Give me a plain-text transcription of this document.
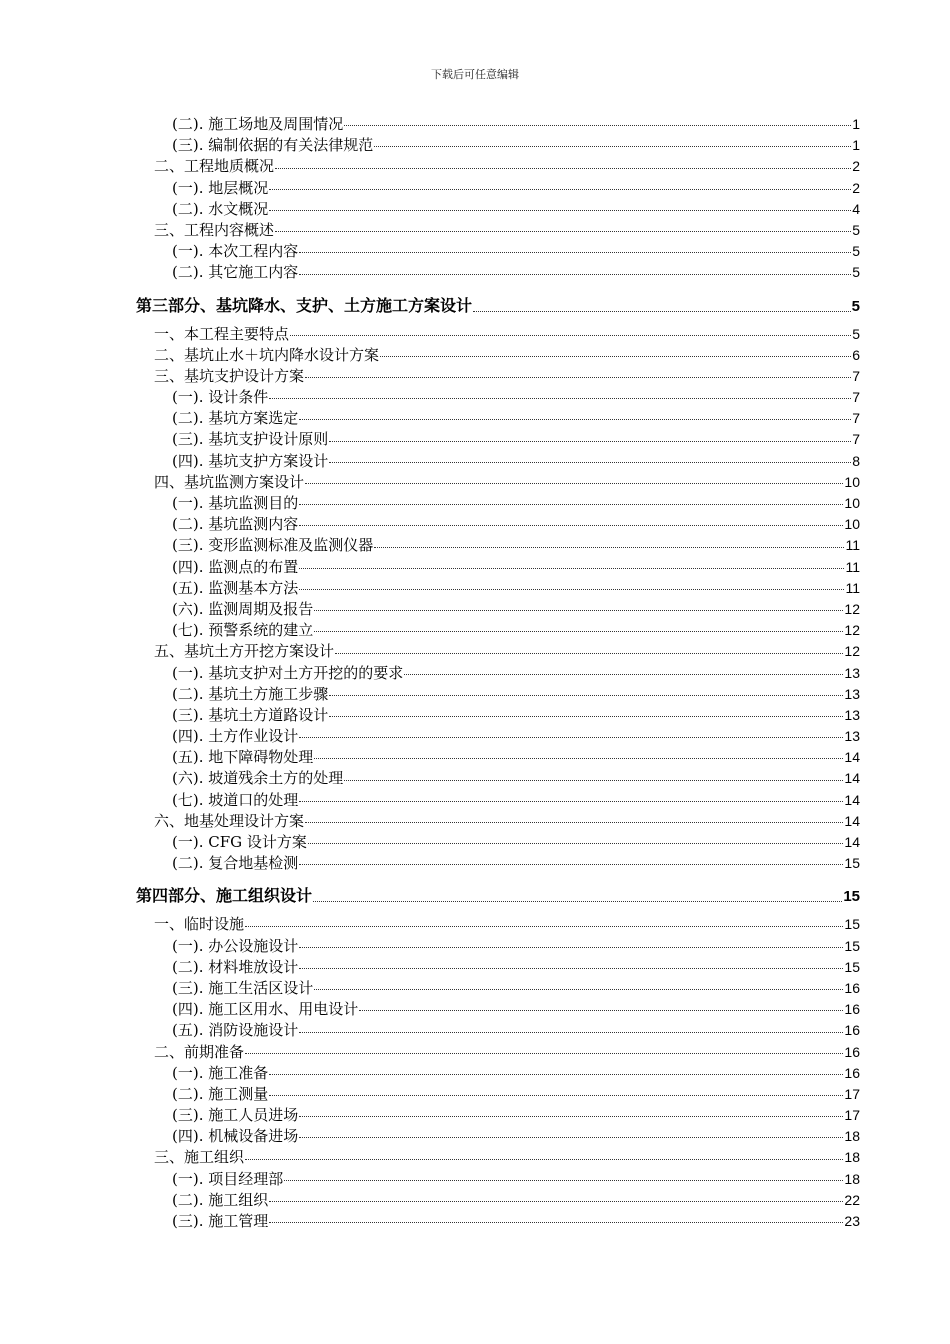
下载后可任意编辑
(二). 施工场地及周围情况	1
(三). 编制依据的有关法律规范	1
二、工程地质概况	2
(一). 地层概况	2
(二). 水文概况	4
三、工程内容概述	5
(一). 本次工程内容	5
(二). 其它施工内容	5
第三部分、基坑降水、支护、土方施工方案设计	5
一、本工程主要特点	5
二、基坑止水＋坑内降水设计方案	6
三、基坑支护设计方案	7
(一). 设计条件	7
(二). 基坑方案选定	7
(三). 基坑支护设计原则	7
(四). 基坑支护方案设计	8
四、基坑监测方案设计	10
(一). 基坑监测目的	10
(二). 基坑监测内容	10
(三). 变形监测标准及监测仪器	11
(四). 监测点的布置	11
(五). 监测基本方法	11
(六). 监测周期及报告	12
(七). 预警系统的建立	12
五、基坑土方开挖方案设计	12
(一). 基坑支护对土方开挖的的要求	13
(二). 基坑土方施工步骤	13
(三). 基坑土方道路设计	13
(四). 土方作业设计	13
(五). 地下障碍物处理	14
(六). 坡道残余土方的处理	14
(七). 坡道口的处理	14
六、地基处理设计方案	14
(一). CFG 设计方案	14
(二). 复合地基检测	15
第四部分、施工组织设计	15
一、临时设施	15
(一). 办公设施设计	15
(二). 材料堆放设计	15
(三). 施工生活区设计	16
(四). 施工区用水、用电设计	16
(五). 消防设施设计	16
二、前期准备	16
(一). 施工准备	16
(二). 施工测量	17
(三). 施工人员进场	17
(四). 机械设备进场	18
三、施工组织	18
(一). 项目经理部	18
(二). 施工组织	22
(三). 施工管理	23
